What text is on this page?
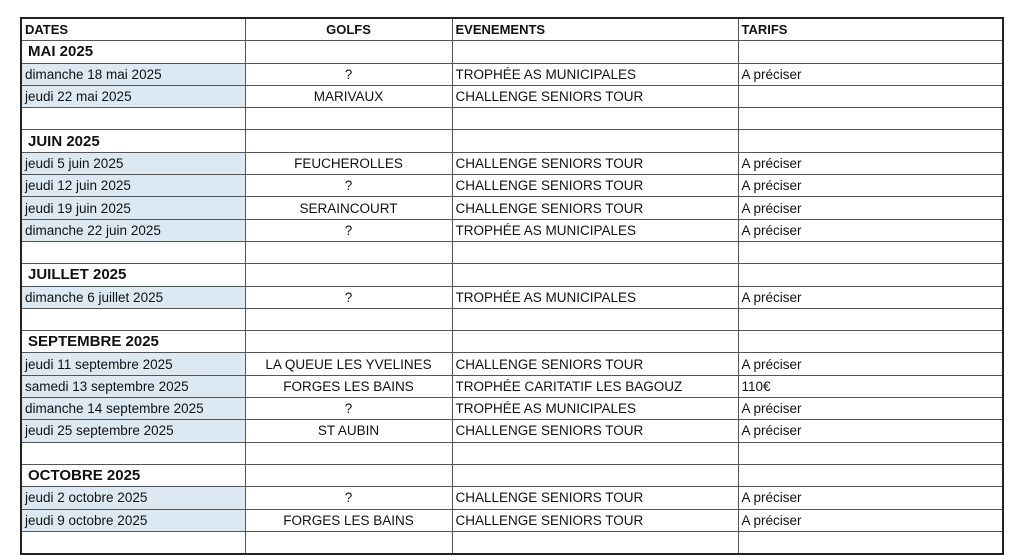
DATES	GOLFS	EVENEMENTS	TARIFS
MAI 2025			
dimanche 18 mai 2025	?	TROPHÉE AS MUNICIPALES	A préciser
jeudi 22 mai 2025	MARIVAUX	CHALLENGE SENIORS TOUR	

JUIN 2025			
jeudi 5 juin 2025	FEUCHEROLLES	CHALLENGE SENIORS TOUR	A préciser
jeudi 12 juin 2025	?	CHALLENGE SENIORS TOUR	A préciser
jeudi 19 juin 2025	SERAINCOURT	CHALLENGE SENIORS TOUR	A préciser
dimanche 22 juin 2025	?	TROPHÉE AS MUNICIPALES	A préciser

JUILLET 2025			
dimanche 6 juillet 2025	?	TROPHÉE AS MUNICIPALES	A préciser

SEPTEMBRE 2025			
jeudi 11 septembre 2025	LA QUEUE LES YVELINES	CHALLENGE SENIORS TOUR	A préciser
samedi 13 septembre 2025	FORGES LES BAINS	TROPHÉE CARITATIF LES BAGOUZ	110€
dimanche 14 septembre 2025	?	TROPHÉE AS MUNICIPALES	A préciser
jeudi 25 septembre 2025	ST AUBIN	CHALLENGE SENIORS TOUR	A préciser

OCTOBRE 2025			
jeudi 2 octobre 2025	?	CHALLENGE SENIORS TOUR	A préciser
jeudi 9 octobre 2025	FORGES LES BAINS	CHALLENGE SENIORS TOUR	A préciser
